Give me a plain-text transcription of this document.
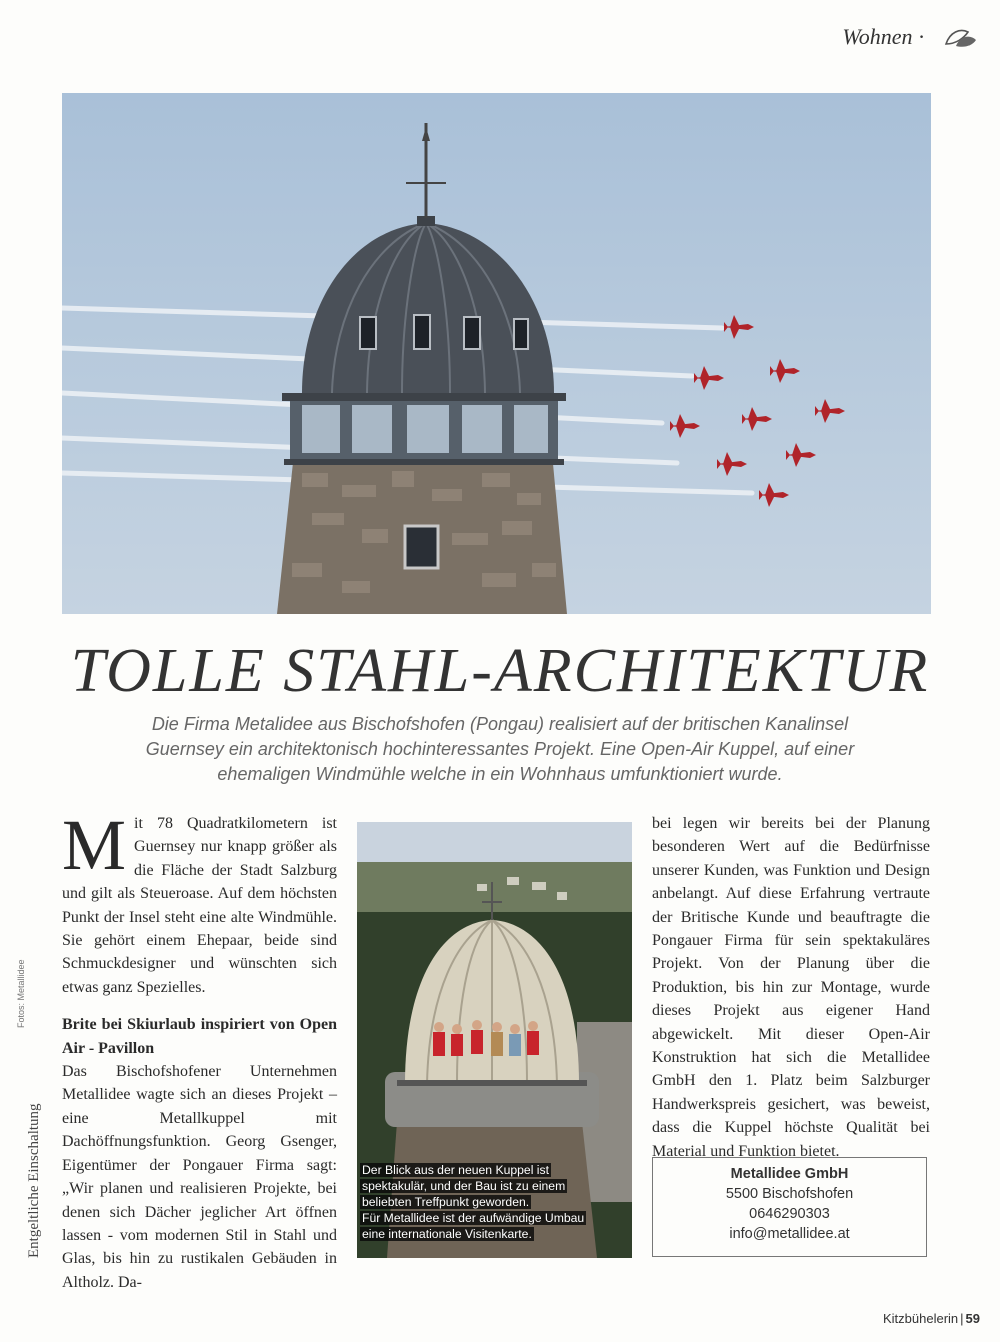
Wohnen ·
TOLLE STAHL-ARCHITEKTUR

Die Firma Metalidee aus Bischofshofen (Pongau) realisiert auf der britischen Kanalinsel Guernsey ein architektonisch hochinteressantes Projekt. Eine Open-Air Kuppel, auf einer ehemaligen Windmühle welche in ein Wohnhaus umfunktioniert wurde.

Mit 78 Quadratkilometern ist Guernsey nur knapp größer als die Fläche der Stadt Salzburg und gilt als Steueroase. Auf dem höchsten Punkt der Insel steht eine alte Windmühle. Sie gehört einem Ehepaar, beide sind Schmuckdesigner und wünschten sich etwas ganz Spezielles.

Brite bei Skiurlaub inspiriert von Open Air - Pavillon

Das Bischofshofener Unternehmen Metallidee wagte sich an dieses Projekt – eine Metallkuppel mit Dachöffnungsfunktion. Georg Gsenger, Eigentümer der Pongauer Firma sagt: „Wir planen und realisieren Projekte, bei denen sich Dächer jeglicher Art öffnen lassen - vom modernen Stil in Stahl und Glas, bis hin zu rustikalen Gebäuden in Altholz. Da-

Der Blick aus der neuen Kuppel ist
spektakulär, und der Bau ist zu einem
beliebten Treffpunkt geworden.
Für Metallidee ist der aufwändige Umbau
eine internationale Visitenkarte.

bei legen wir bereits bei der Planung besonderen Wert auf die Bedürfnisse unserer Kunden, was Funktion und Design anbelangt. Auf diese Erfahrung vertraute der Britische Kunde und beauftragte die Pongauer Firma für sein spektakuläres Projekt. Von der Planung über die Produktion, bis hin zur Montage, wurde dieses Projekt aus eigener Hand abgewickelt. Mit dieser Open-Air Konstruktion hat sich die Metallidee GmbH den 1. Platz beim Salzburger Handwerkspreis gesichert, was beweist, dass die Kuppel höchste Qualität bei Material und Funktion bietet.

Metallidee GmbH
5500 Bischofshofen
0646290303
info@metallidee.at
Entgeltliche Einschaltung
Fotos: Metallidee
Kitzbühelerin | 59
